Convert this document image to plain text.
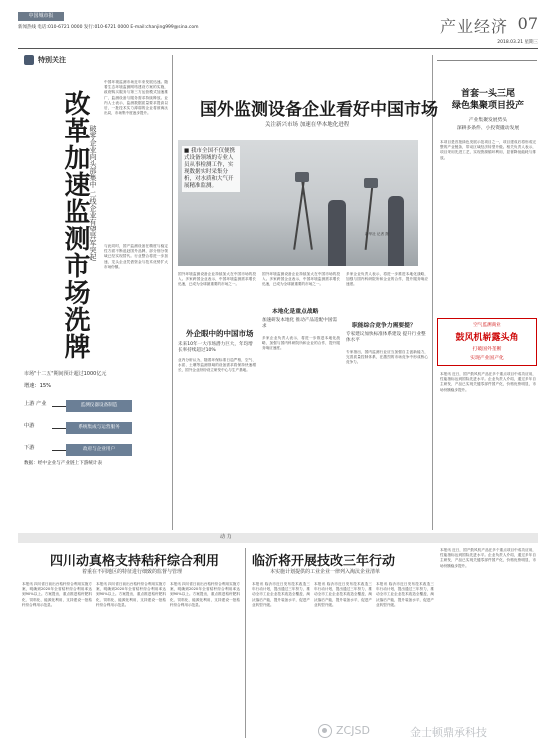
中国城市报
新闻热线 电话:010-6721 0000 发行:010-6721 0000 E-mail:chanjing999@sina.com	产业经济 07
2018.03.21 星期三
特别关注
改革加速监测市场洗牌 破零企业向头部集中 二线企业有望异军突起
中国环境监测市场近年来发展迅速。随着生态环境监测网络建设方案的实施，政府购买服务与第三方运营模式加速推广，监测设备与服务需求持续释放。业内人士表示，监测数据质量要求提高以后，一批技术实力薄弱的企业将被淘汰出局，市场集中度逐步提升。
与此同时，国产监测设备在精度与稳定性方面不断追赶国外品牌，部分细分领域已经实现替代。行业整合将进一步加速，龙头企业凭借资金与技术优势扩大市场份额。
市场"十二五"期间预计超过1000亿元
增速：15%
上游 产业	监测仪器设备制造
中游	系统集成与运营服务
下游	政府与企业用户
数据：经中企业与产业链上下游统计表
国外监测设备企业看好中国市场
关注新兴市场 加速在华本地化进程
■ 我市全国不仅便携式设备领域的专业人员从事检测工作，实现数据实时采集分析，对水质和大气开展精准监测。
新华社 记者 摄
国外环境监测设备企业持续加大在中国市场的投入。多家跨国企业表示，中国环境监测需求增长迅速，已成为全球最重要的市场之一。
外企眼中的中国市场
未来10年一大市场潜力巨大，年均增长率持续超过10%
业内分析认为，随着环保标准日趋严格，空气、水质、土壤等监测领域的设备需求将保持快速增长，国外企业纷纷设立研发中心与生产基地。
国外环境监测设备企业持续加大在中国市场的投入。多家跨国企业表示，中国环境监测需求增长迅速，已成为全球最重要的市场之一。
本地化是重点战略
加速研发本地化 推动产品适配中国需求
多家企业负责人表示，将进一步推进本地化战略，加强与国内科研院所和企业的合作，提升服务响应速度。
多家企业负责人表示，将进一步推进本地化战略，加强与国内科研院所和企业的合作，提升服务响应速度。
职能综合竞争力需要提？
专家建议加快标准体系建设 提升行业整体水平
专家指出，国内监测行业应当加强自主创新能力，完善质量控制体系，在激烈的市场竞争中形成核心竞争力。
首套一头三尾
绿色集聚项目投产
产业集聚发展势头
深耕多条件、小投资撬动发展
本项目是首批绿色发展示范项目之一，项目建成后将形成完整的产业链条，带动区域经济转型升级。相关负责人表示，项目采用先进工艺，实现资源循环利用，显著降低能耗与排放。
空气监测商业
鼓风机崭露头角
打破国外垄断
实现产业国产化
本报讯 近日，国产鼓风机产品在多个重点项目中成功应用，性能指标达到国际先进水平。企业负责人介绍，通过多年自主研发，产品已实现关键零部件国产化，价格优势明显，市场份额稳步提升。
动 力
四川动真格支持秸秆综合利用
着重在不同地区的特征进行细致的监督与管理
临沂将开展技改三年行动
本实施计划提供的工业企业一律列入淘汰企业清单
本报讯 四川省日前出台秸秆综合利用实施方案，明确到2020年全省秸秆综合利用率达到90%以上。方案提出，重点推进秸秆肥料化、饲料化、能源化利用，支持建设一批秸秆综合利用示范县。
本报讯 四川省日前出台秸秆综合利用实施方案，明确到2020年全省秸秆综合利用率达到90%以上。方案提出，重点推进秸秆肥料化、饲料化、能源化利用，支持建设一批秸秆综合利用示范县。
本报讯 四川省日前出台秸秆综合利用实施方案，明确到2020年全省秸秆综合利用率达到90%以上。方案提出，重点推进秸秆肥料化、饲料化、能源化利用，支持建设一批秸秆综合利用示范县。
本报讯 临沂市近日发布技术改造三年行动计划，提出通过三年努力，推动全市工业企业技术改造全覆盖，淘汰落后产能，提升装备水平，促进产业转型升级。
本报讯 临沂市近日发布技术改造三年行动计划，提出通过三年努力，推动全市工业企业技术改造全覆盖，淘汰落后产能，提升装备水平，促进产业转型升级。
本报讯 临沂市近日发布技术改造三年行动计划，提出通过三年努力，推动全市工业企业技术改造全覆盖，淘汰落后产能，提升装备水平，促进产业转型升级。
本报讯 近日，国产鼓风机产品在多个重点项目中成功应用，性能指标达到国际先进水平。企业负责人介绍，通过多年自主研发，产品已实现关键零部件国产化，价格优势明显，市场份额稳步提升。
ZCJSD	金士顿鼎承科技
